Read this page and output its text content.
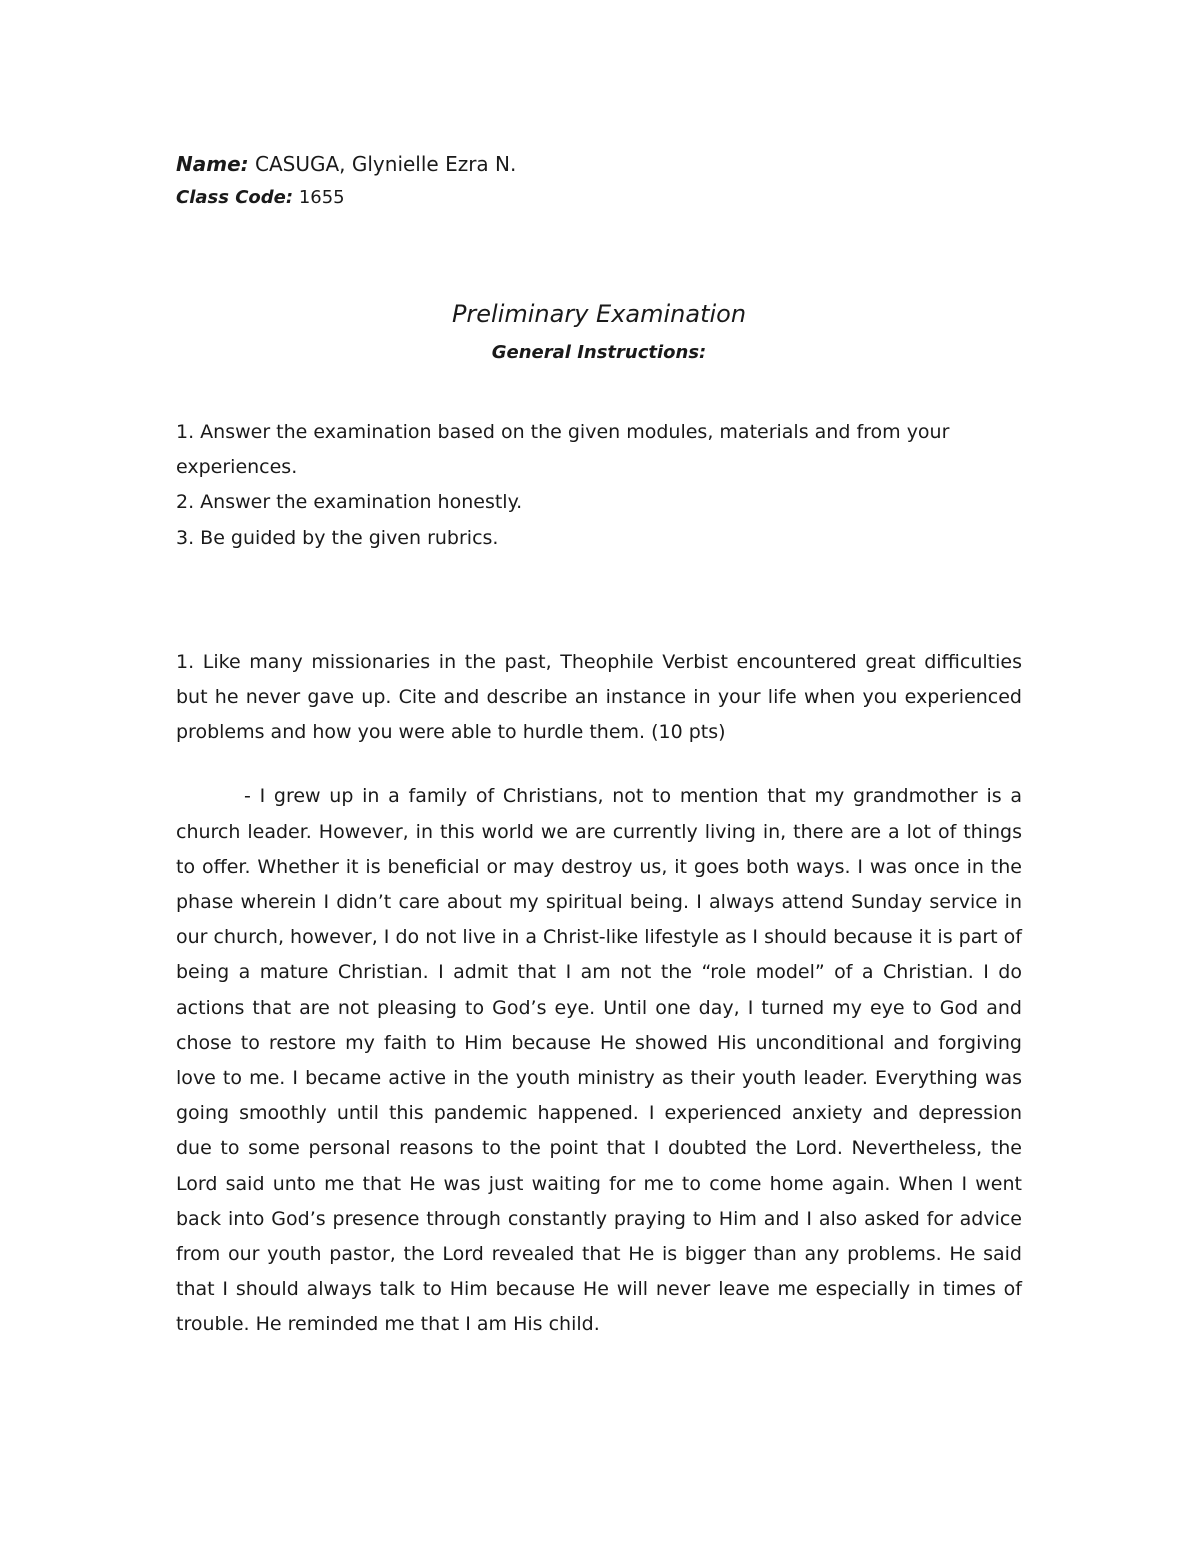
Name: CASUGA, Glynielle Ezra N.
Class Code: 1655
Preliminary Examination
General Instructions:
1. Answer the examination based on the given modules, materials and from your experiences.
2. Answer the examination honestly.
3. Be guided by the given rubrics.
1. Like many missionaries in the past, Theophile Verbist encountered great difficulties but he never gave up. Cite and describe an instance in your life when you experienced problems and how you were able to hurdle them. (10 pts)
- I grew up in a family of Christians, not to mention that my grandmother is a church leader. However, in this world we are currently living in, there are a lot of things to offer. Whether it is beneficial or may destroy us, it goes both ways. I was once in the phase wherein I didn’t care about my spiritual being. I always attend Sunday service in our church, however, I do not live in a Christ-like lifestyle as I should because it is part of being a mature Christian. I admit that I am not the “role model” of a Christian. I do actions that are not pleasing to God’s eye. Until one day, I turned my eye to God and chose to restore my faith to Him because He showed His unconditional and forgiving love to me. I became active in the youth ministry as their youth leader. Everything was going smoothly until this pandemic happened. I experienced anxiety and depression due to some personal reasons to the point that I doubted the Lord. Nevertheless, the Lord said unto me that He was just waiting for me to come home again. When I went back into God’s presence through constantly praying to Him and I also asked for advice from our youth pastor, the Lord revealed that He is bigger than any problems. He said that I should always talk to Him because He will never leave me especially in times of trouble. He reminded me that I am His child.
